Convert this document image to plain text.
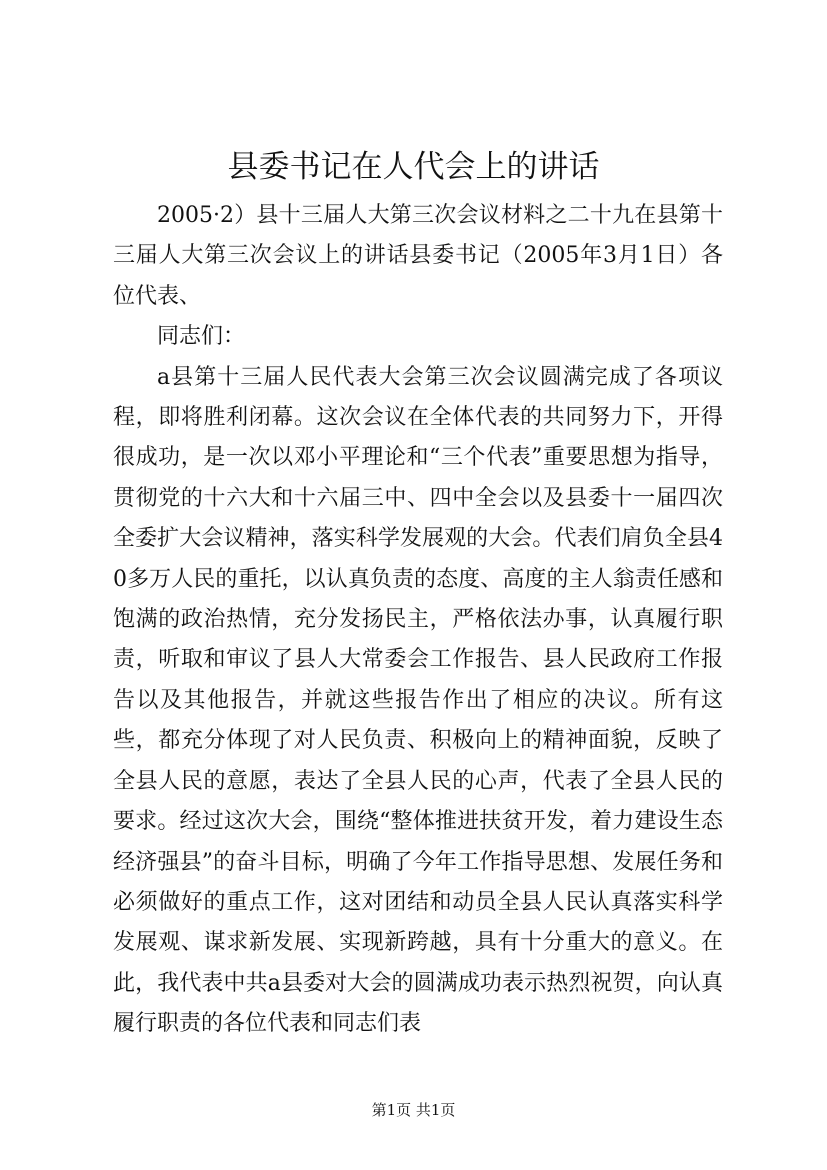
县委书记在人代会上的讲话

2005·2）县十三届人大第三次会议材料之二十九在县第十三届人大第三次会议上的讲话县委书记（2005年3月1日）各位代表、

同志们：

a县第十三届人民代表大会第三次会议圆满完成了各项议程，即将胜利闭幕。这次会议在全体代表的共同努力下，开得很成功，是一次以邓小平理论和“三个代表”重要思想为指导，贯彻党的十六大和十六届三中、四中全会以及县委十一届四次全委扩大会议精神，落实科学发展观的大会。代表们肩负全县40多万人民的重托，以认真负责的态度、高度的主人翁责任感和饱满的政治热情，充分发扬民主，严格依法办事，认真履行职责，听取和审议了县人大常委会工作报告、县人民政府工作报告以及其他报告，并就这些报告作出了相应的决议。所有这些，都充分体现了对人民负责、积极向上的精神面貌，反映了全县人民的意愿，表达了全县人民的心声，代表了全县人民的要求。经过这次大会，围绕“整体推进扶贫开发，着力建设生态经济强县”的奋斗目标，明确了今年工作指导思想、发展任务和必须做好的重点工作，这对团结和动员全县人民认真落实科学发展观、谋求新发展、实现新跨越，具有十分重大的意义。在此，我代表中共a县委对大会的圆满成功表示热烈祝贺，向认真履行职责的各位代表和同志们表

第1页 共1页
